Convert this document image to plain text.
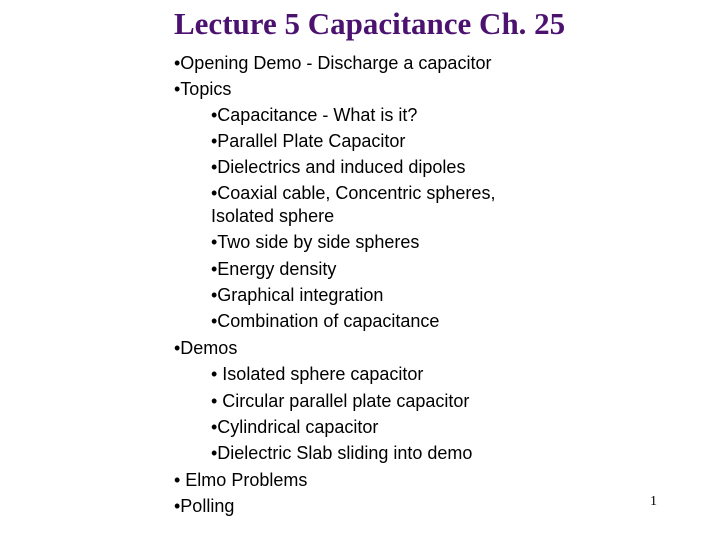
Lecture 5 Capacitance Ch. 25
•Opening Demo - Discharge a capacitor
•Topics
•Capacitance - What is it?
•Parallel Plate Capacitor
•Dielectrics and induced dipoles
•Coaxial cable, Concentric spheres,
Isolated sphere
•Two side by side spheres
•Energy density
•Graphical integration
•Combination of capacitance
•Demos
• Isolated sphere capacitor
• Circular parallel plate capacitor
•Cylindrical capacitor
•Dielectric Slab sliding into demo
• Elmo Problems
•Polling	1
